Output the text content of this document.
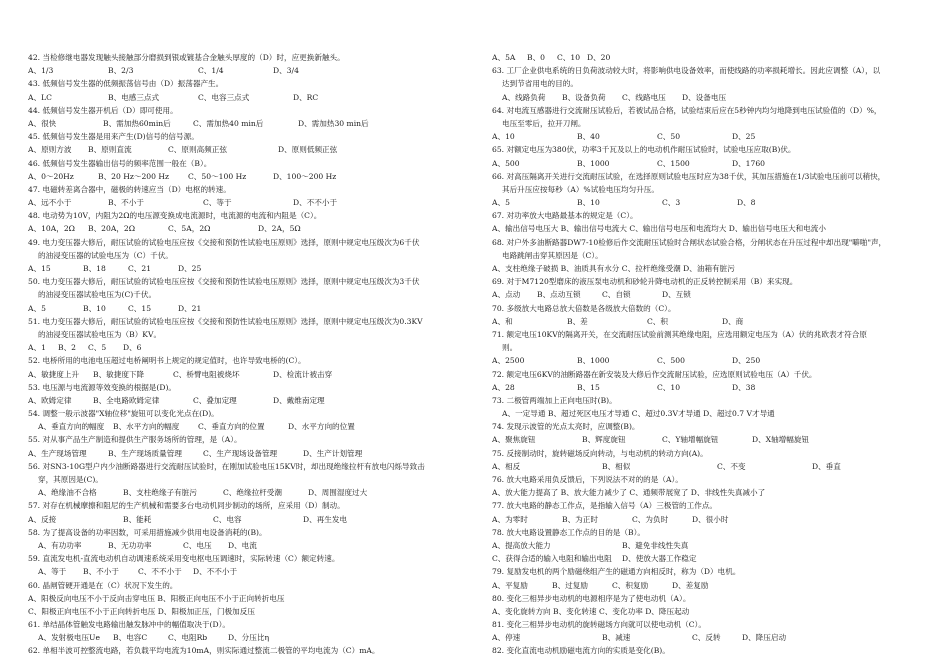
42. 当检修继电器发现触头接触部分磨损到银或镀基合金触头厚度的（D）时，应更换新触头。
A、1/3	B、2/3	C、1/4	D、3/4
43. 低频信号发生器的低频振荡信号由（D）振荡器产生。
A、LC	B、电感三点式	C、电容三点式	D、RC
44. 低频信号发生器开机后（D）即可使用。
A、很快	B、需加热60min后	C、需加热40 min后	D、需加热30 min后
45. 低频信号发生器是用来产生(D)信号的信号源。
A、原则方波 B、原则直流	C、原则高频正弦	D、原则低频正弦
46. 低频信号发生器输出信号的频率范围一般在（B）。
A、0～20Hz	B、20 Hz～200 Hz	C、50～100 Hz	D、100～200 Hz
47. 电磁转差离合器中，磁极的转速应当（D）电枢的转速。
A、远不小于	B、不小于	C、等于	D、不不小于
48. 电动势为10V，内阻为2Ω的电压源变换成电流源时，电流源的电流和内阻是（C）。
A、10A，2Ω B、20A，2Ω	C、5A，2Ω	D、2A，5Ω
49. 电力变压器大修后，耐压试验的试验电压应按《交接和预防性试验电压原则》选择，原则中规定电压级次为6千伏
的油浸变压器的试验电压为（C）千伏。
A、15	B、18	C、21	D、25
50. 电力变压器大修后，耐压试验的试验电压应按《交接和预防性试验电压原则》选择，原则中规定电压级次为3千伏
的油浸变压器试验电压为(C)千伏。
A、5	B、10	C、15	D、21
51. 电力变压器大修后，耐压试验的试验电压应按《交接和预防性试验电压原则》选择，原则中规定电压级次为0.3KV
的油浸变压器试验电压为（B）KV。
A、1 B、2 C、5 D、6
52. 电桥所用的电池电压超过电桥阐明书上规定的规定值时，也许导致电桥的(C）。
A、敏捷度上升 B、敏捷度下降	C、桥臂电阻被烧坏	D、检流计被击穿
53. 电压源与电流源等效变换的根据是(D)。
A、欧姆定律	B、全电路欧姆定律	C、叠加定理	D、戴维南定理
54. 调整一般示波器"X轴位移"旋钮可以变化光点在(D)。
A、垂直方向的幅度 B、水平方向的幅度 C、垂直方向的位置	D、水平方向的位置
55. 对从事产品生产制造和提供生产服务场所的管理，是（A）。
A、生产现场管理	B、生产现场质量管理	C、生产现场设备管理	D、生产计划管理
56. 对SN3-10G型户内少油断路器进行交流耐压试验时，在刚加试验电压15KV时，却出现绝缘拉杆有放电闪烁导致击
穿，其原因是(C)。
A、绝缘油不合格	B、支柱绝缘子有脏污	C、绝缘拉杆受潮	D、周围湿度过大
57. 对存在机械摩擦和阻尼的生产机械和需要多台电动机同步制动的场所，应采用（D）制动。
A、反接	B、能耗	C、电容	D、再生发电
58. 为了提高设备的功率因数，可采用措施减少供用电设备消耗的(B)。
A、有功功率	B、无功功率	C、电压 D、电流
59. 直流发电机-直流电动机自动调速系统采用变电枢电压调速时，实际转速（C）额定转速。
A、等于 B、不小于	C、不不小于 D、不不小于
60. 晶闸管硬开通是在（C）状况下发生的。
A、阳极反向电压不小于反向击穿电压 B、阳极正向电压不小于正向转折电压
C、阳极正向电压不小于正向转折电压 D、阳极加正压，门极加反压
61. 单结晶体管触发电路输出触发脉冲中的幅值取决于(D）。
A、发射极电压Ue B、电容C	C、电阻Rb	D、分压比η
62. 单相半波可控整流电路，若负载平均电流为10mA，则实际通过整流二极管的平均电流为（C）mA。
A、5A B、0 C、10 D、20
63. 工厂企业供电系统的日负荷波动较大时，将影响供电设备效率，而使线路的功率损耗增长。因此应调整（A），以
达到节省用电的目的。
A、线路负荷 B、设备负荷 C、线路电压 D、设备电压
64. 对电流互感器进行交流耐压试验后，若被试品合格，试验结束后应在5秒钟内均匀地降到电压试验值的（D）%，
电压至零后，拉开刀闸。
A、10	B、40	C、50	D、25
65. 对额定电压为380伏，功率3千瓦及以上的电动机作耐压试验时，试验电压应取(B)伏。
A、500	B、1000	C、1500	D、1760
66. 对高压隔离开关进行交流耐压试验，在选择原则试验电压时应为38千伏，其加压措施在1/3试验电压前可以稍快，
其后升压应按每秒（A）%试验电压均匀升压。
A、5	B、10	C、3	D、8
67. 对功率放大电路最基本的规定是（C）。
A、输出信号电压大 B、输出信号电流大 C、输出信号电压和电流均大 D、输出信号电压大和电流小
68. 对户外多油断路器DW7-10检修后作交流耐压试验时合闸状态试验合格，分闸状态在升压过程中却出现"噼啪"声，
电路跳闸击穿其原因是（C）。
A、支柱绝缘子破损 B、油质具有水分 C、拉杆绝缘受潮 D、油箱有脏污
69. 对于M7120型磨床的液压泵电动机和砂轮升降电动机的正反转控制采用（B）来实现。
A、点动 B、点动互锁	C、自锁	D、互锁
70. 多级放大电路总放大倍数是各级放大倍数的（C）。
A、和	B、差	C、积	D、商
71. 额定电压10KV的隔离开关，在交流耐压试验前测其绝缘电阻，应选用额定电压为（A）伏的兆欧表才符合原
则。
A、2500	B、1000	C、500	D、250
72. 额定电压6KV的油断路器在新安装及大修后作交流耐压试验，应选原则试验电压（A）千伏。
A、28	B、15	C、10	D、38
73. 二极管两端加上正向电压时(B)。
A、一定导通 B、超过死区电压才导通 C、超过0.3V才导通 D、超过0.7 V才导通
74. 发现示波管的光点太亮时，应调整(B)。
A、聚焦旋钮	B、辉度旋钮	C、Y轴增幅旋钮	D、X轴增幅旋钮
75. 反接制动时，旋转磁场反向转动，与电动机的转动方向(A)。
A、相反	B、相似	C、不变	D、垂直
76. 放大电路采用负反馈后，下列说法不对的的是（A）。
A、放大能力提高了 B、放大能力减少了 C、通频带展宽了 D、非线性失真减小了
77. 放大电路的静态工作点，是指输入信号（A）三极管的工作点。
A、为零时	B、为正时	C、为负时	D、很小时
78. 放大电路设置静态工作点的目的是（B）。
A、提高放大能力	B、避免非线性失真
C、获得合适的输入电阻和输出电阻 D、使放大器工作稳定
79. 复励发电机的两个励磁绕组产生的磁通方向相反时，称为（D）电机。
A、平复励	B、过复励	C、积复励	D、差复励
80. 变化三相异步电动机的电源相序是为了使电动机（A）。
A、变化旋转方向 B、变化转速 C、变化功率 D、降压起动
81. 变化三相异步电动机的旋转磁场方向就可以使电动机（C）。
A、停速	B、减速	C、反转	D、降压启动
82. 变化直流电动机励磁电流方向的实质是变化(B)。
